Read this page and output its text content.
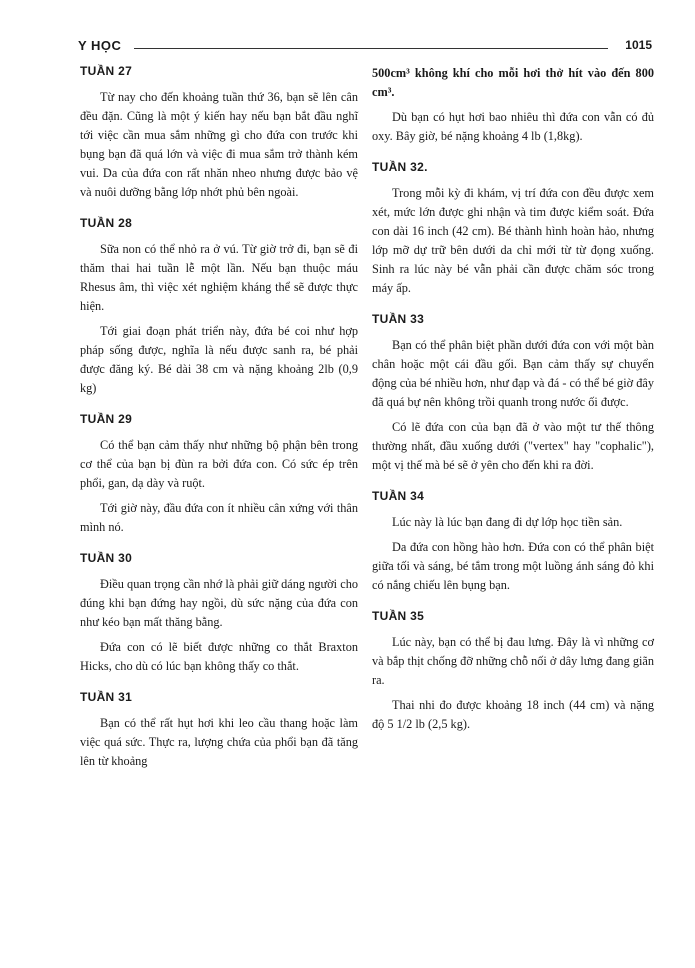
Y HỌC	1015
TUẦN 27

Từ nay cho đến khoảng tuần thứ 36, bạn sẽ lên cân đều đặn. Cũng là một ý kiến hay nếu bạn bắt đầu nghĩ tới việc cần mua sắm những gì cho đứa con trước khi bụng bạn đã quá lớn và việc đi mua sắm trở thành kém vui. Da của đứa con rất nhăn nheo nhưng được bảo vệ và nuôi dưỡng bằng lớp nhớt phủ bên ngoài.

TUẦN 28

Sữa non có thể nhỏ ra ở vú. Từ giờ trở đi, bạn sẽ đi thăm thai hai tuần lễ một lần. Nếu bạn thuộc máu Rhesus âm, thì việc xét nghiệm kháng thể sẽ được thực hiện.

Tới giai đoạn phát triển này, đứa bé coi như hợp pháp sống được, nghĩa là nếu được sanh ra, bé phải được đăng ký. Bé dài 38 cm và nặng khoảng 2lb (0,9 kg)

TUẦN 29

Có thể bạn cảm thấy như những bộ phận bên trong cơ thể của bạn bị đùn ra bởi đứa con. Có sức ép trên phổi, gan, dạ dày và ruột.

Tới giờ này, đầu đứa con ít nhiều cân xứng với thân mình nó.

TUẦN 30

Điều quan trọng cần nhớ là phải giữ dáng người cho đúng khi bạn đứng hay ngồi, dù sức nặng của đứa con như kéo bạn mất thăng bằng.

Đứa con có lẽ biết được những co thắt Braxton Hicks, cho dù có lúc bạn không thấy co thắt.

TUẦN 31

Bạn có thể rất hụt hơi khi leo cầu thang hoặc làm việc quá sức. Thực ra, lượng chứa của phổi bạn đã tăng lên từ khoảng

500cm³ không khí cho mỗi hơi thở hít vào đến 800 cm³.

Dù bạn có hụt hơi bao nhiêu thì đứa con vẫn có đủ oxy. Bây giờ, bé nặng khoảng 4 lb (1,8kg).

TUẦN 32.

Trong mỗi kỳ đi khám, vị trí đứa con đều được xem xét, mức lớn được ghi nhận và tim được kiểm soát. Đứa con dài 16 inch (42 cm). Bé thành hình hoàn hảo, nhưng lớp mỡ dự trữ bên dưới da chỉ mới từ từ đọng xuống. Sinh ra lúc này bé vẫn phải cần được chăm sóc trong máy ấp.

TUẦN 33

Bạn có thể phân biệt phần dưới đứa con với một bàn chân hoặc một cái đầu gối. Bạn cảm thấy sự chuyển động của bé nhiều hơn, như đạp và đá - có thể bé giờ đây đã quá bự nên không trồi quanh trong nước ối được.

Có lẽ đứa con của bạn đã ở vào một tư thế thông thường nhất, đầu xuống dưới ("vertex" hay "cophalic"), một vị thế mà bé sẽ ở yên cho đến khi ra đời.

TUẦN 34

Lúc này là lúc bạn đang đi dự lớp học tiền sản.

Da đứa con hồng hào hơn. Đứa con có thể phân biệt giữa tối và sáng, bé tắm trong một luồng ánh sáng đỏ khi có nắng chiếu lên bụng bạn.

TUẦN 35

Lúc này, bạn có thể bị đau lưng. Đây là vì những cơ và bắp thịt chống đỡ những chỗ nối ở dây lưng đang giãn ra.

Thai nhi đo được khoảng 18 inch (44 cm) và nặng độ 5 1/2 lb (2,5 kg).
